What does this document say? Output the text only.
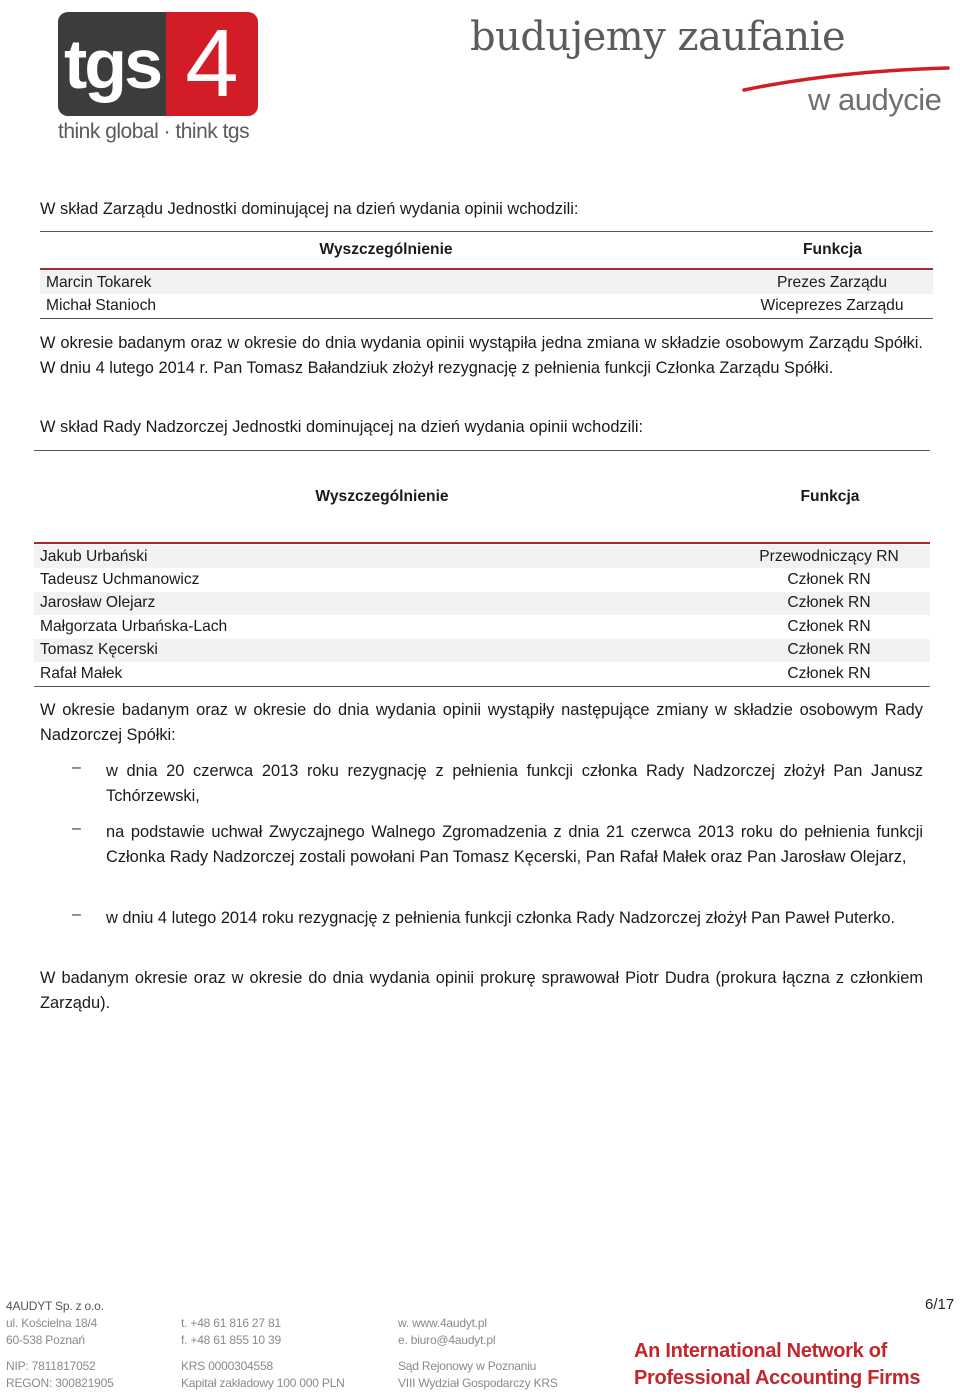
tgs 4
think global · think tgs
budujemy zaufanie
w audycie
W skład Zarządu Jednostki dominującej na dzień wydania opinii wchodzili:
Wyszczególnienie	Funkcja
Marcin Tokarek	Prezes Zarządu
Michał Stanioch	Wiceprezes Zarządu
W okresie badanym oraz w okresie do dnia wydania opinii wystąpiła jedna zmiana w składzie osobowym Zarządu Spółki. W dniu 4 lutego 2014 r. Pan Tomasz Bałandziuk złożył rezygnację z pełnienia funkcji Członka Zarządu Spółki.
W skład Rady Nadzorczej Jednostki dominującej na dzień wydania opinii wchodzili:
Wyszczególnienie	Funkcja
Jakub Urbański	Przewodniczący RN
Tadeusz Uchmanowicz	Członek RN
Jarosław Olejarz	Członek RN
Małgorzata Urbańska-Lach	Członek RN
Tomasz Kęcerski	Członek RN
Rafał Małek	Członek RN
W okresie badanym oraz w okresie do dnia wydania opinii wystąpiły następujące zmiany w składzie osobowym Rady Nadzorczej Spółki:
– w dnia 20 czerwca 2013 roku rezygnację z pełnienia funkcji członka Rady Nadzorczej złożył Pan Janusz Tchórzewski,
– na podstawie uchwał Zwyczajnego Walnego Zgromadzenia z dnia 21 czerwca 2013 roku do pełnienia funkcji Członka Rady Nadzorczej zostali powołani Pan Tomasz Kęcerski, Pan Rafał Małek oraz Pan Jarosław Olejarz,
– w dniu 4 lutego 2014 roku rezygnację z pełnienia funkcji członka Rady Nadzorczej złożył Pan Paweł Puterko.
W badanym okresie oraz w okresie do dnia wydania opinii prokurę sprawował Piotr Dudra (prokura łączna z członkiem Zarządu).
4AUDYT Sp. z o.o.
ul. Kościelna 18/4
60-538 Poznań
t. +48 61 816 27 81
f. +48 61 855 10 39
w. www.4audyt.pl
e. biuro@4audyt.pl
NIP: 7811817052
REGON: 300821905
KRS 0000304558
Kapitał zakładowy 100 000 PLN
Sąd Rejonowy w Poznaniu
VIII Wydział Gospodarczy KRS
An International Network of
Professional Accounting Firms
6/17
